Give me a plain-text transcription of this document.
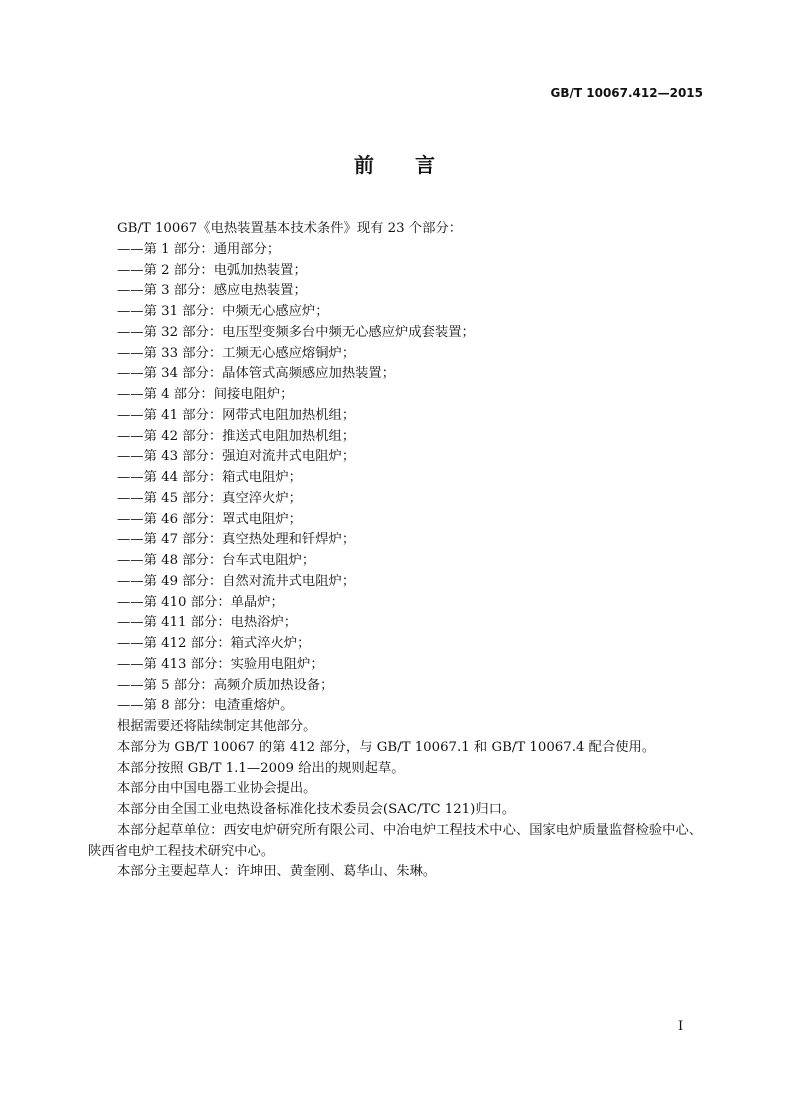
GB/T 10067.412—2015
前 言
GB/T 10067《电热装置基本技术条件》现有 23 个部分：
——第 1 部分：通用部分；
——第 2 部分：电弧加热装置；
——第 3 部分：感应电热装置；
——第 31 部分：中频无心感应炉；
——第 32 部分：电压型变频多台中频无心感应炉成套装置；
——第 33 部分：工频无心感应熔铜炉；
——第 34 部分：晶体管式高频感应加热装置；
——第 4 部分：间接电阻炉；
——第 41 部分：网带式电阻加热机组；
——第 42 部分：推送式电阻加热机组；
——第 43 部分：强迫对流井式电阻炉；
——第 44 部分：箱式电阻炉；
——第 45 部分：真空淬火炉；
——第 46 部分：罩式电阻炉；
——第 47 部分：真空热处理和钎焊炉；
——第 48 部分：台车式电阻炉；
——第 49 部分：自然对流井式电阻炉；
——第 410 部分：单晶炉；
——第 411 部分：电热浴炉；
——第 412 部分：箱式淬火炉；
——第 413 部分：实验用电阻炉；
——第 5 部分：高频介质加热设备；
——第 8 部分：电渣重熔炉。
根据需要还将陆续制定其他部分。
本部分为 GB/T 10067 的第 412 部分，与 GB/T 10067.1 和 GB/T 10067.4 配合使用。
本部分按照 GB/T 1.1—2009 给出的规则起草。
本部分由中国电器工业协会提出。
本部分由全国工业电热设备标准化技术委员会(SAC/TC 121)归口。
本部分起草单位：西安电炉研究所有限公司、中冶电炉工程技术中心、国家电炉质量监督检验中心、
陕西省电炉工程技术研究中心。
本部分主要起草人：许坤田、黄奎刚、葛华山、朱琳。
I
